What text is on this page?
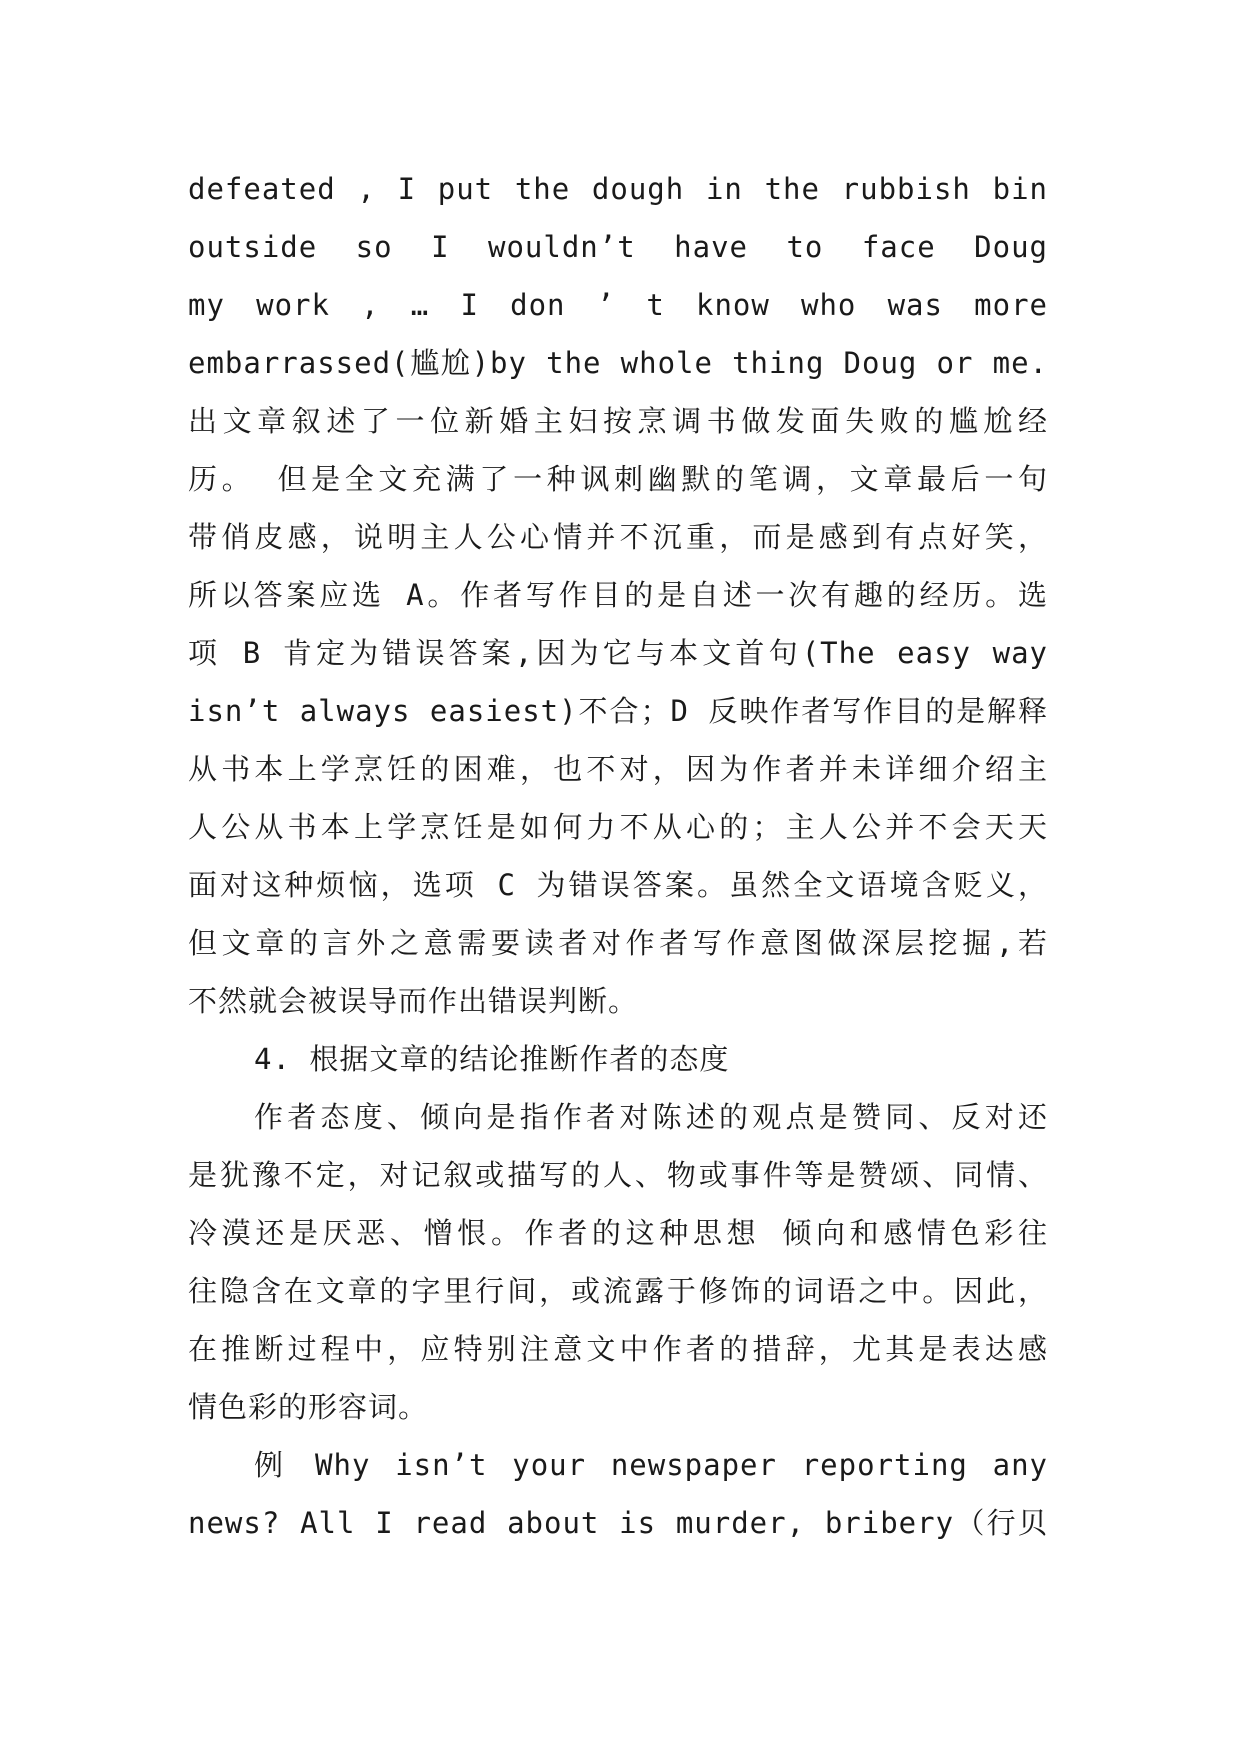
defeated , I put the dough in the rubbish bin
outside so I wouldn’t have to face Doug
my work , … I don ’ t know who was more
embarrassed(尴尬)by the whole thing Doug or me.
出文章叙述了一位新婚主妇按烹调书做发面失败的尴尬经
历。 但是全文充满了一种讽刺幽默的笔调，文章最后一句
带俏皮感，说明主人公心情并不沉重，而是感到有点好笑，
所以答案应选 A。作者写作目的是自述一次有趣的经历。选
项 B 肯定为错误答案,因为它与本文首句(The easy way
isn’t always easiest)不合；D 反映作者写作目的是解释
从书本上学烹饪的困难，也不对，因为作者并未详细介绍主
人公从书本上学烹饪是如何力不从心的；主人公并不会天天
面对这种烦恼，选项 C 为错误答案。虽然全文语境含贬义，
但文章的言外之意需要读者对作者写作意图做深层挖掘,若
不然就会被误导而作出错误判断。
4. 根据文章的结论推断作者的态度
作者态度、倾向是指作者对陈述的观点是赞同、反对还
是犹豫不定，对记叙或描写的人、物或事件等是赞颂、同情、
冷漠还是厌恶、憎恨。作者的这种思想 倾向和感情色彩往
往隐含在文章的字里行间，或流露于修饰的词语之中。因此，
在推断过程中，应特别注意文中作者的措辞，尤其是表达感
情色彩的形容词。
例 Why isn’t your newspaper reporting any
news? All I read about is murder, bribery（行贝
